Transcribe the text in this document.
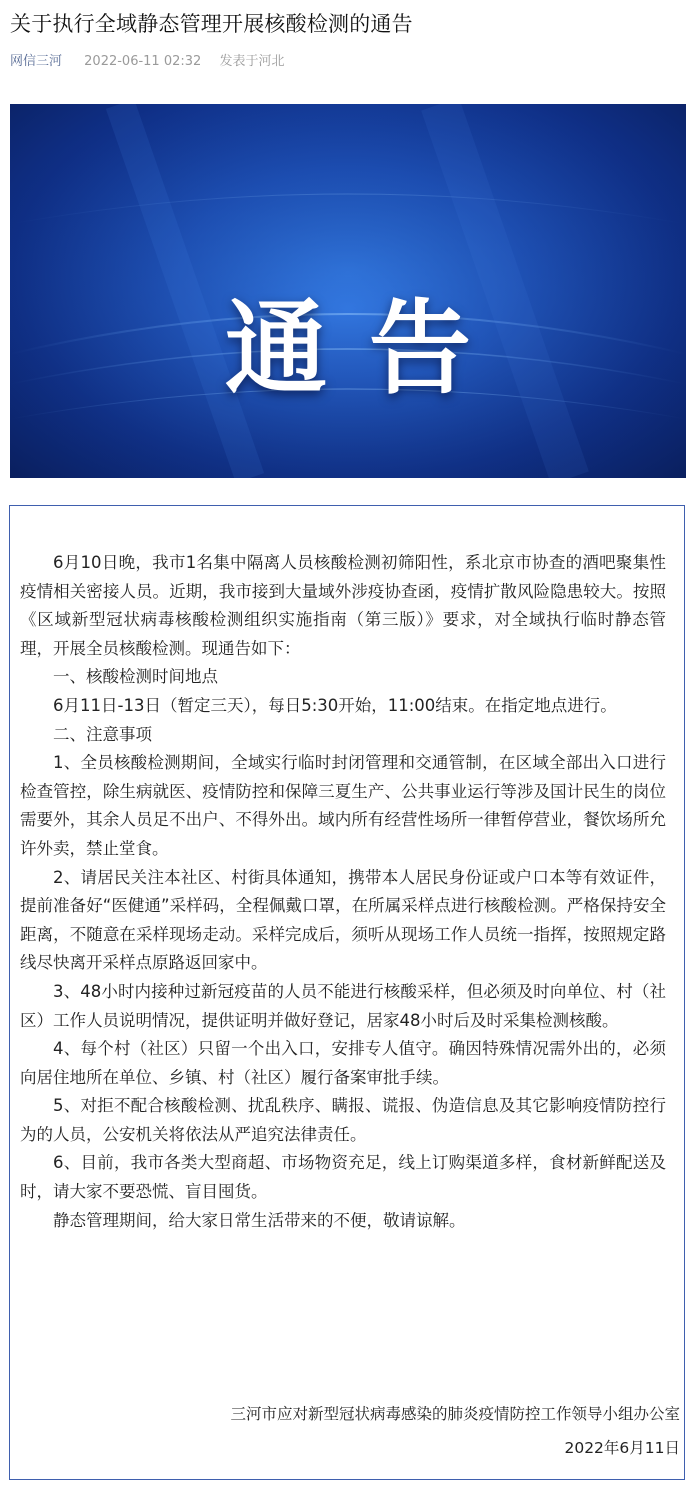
关于执行全域静态管理开展核酸检测的通告
网信三河 2022-06-11 02:32 发表于河北
通告

6月10日晚，我市1名集中隔离人员核酸检测初筛阳性，系北京市协查的酒吧聚集性疫情相关密接人员。近期，我市接到大量域外涉疫协查函，疫情扩散风险隐患较大。按照《区域新型冠状病毒核酸检测组织实施指南（第三版）》要求，对全域执行临时静态管理，开展全员核酸检测。现通告如下：

一、核酸检测时间地点

6月11日-13日（暂定三天），每日5:30开始，11:00结束。在指定地点进行。

二、注意事项

1、全员核酸检测期间，全域实行临时封闭管理和交通管制，在区域全部出入口进行检查管控，除生病就医、疫情防控和保障三夏生产、公共事业运行等涉及国计民生的岗位需要外，其余人员足不出户、不得外出。域内所有经营性场所一律暂停营业，餐饮场所允许外卖，禁止堂食。

2、请居民关注本社区、村街具体通知，携带本人居民身份证或户口本等有效证件，提前准备好“医健通”采样码，全程佩戴口罩，在所属采样点进行核酸检测。严格保持安全距离，不随意在采样现场走动。采样完成后，须听从现场工作人员统一指挥，按照规定路线尽快离开采样点原路返回家中。

3、48小时内接种过新冠疫苗的人员不能进行核酸采样，但必须及时向单位、村（社区）工作人员说明情况，提供证明并做好登记，居家48小时后及时采集检测核酸。

4、每个村（社区）只留一个出入口，安排专人值守。确因特殊情况需外出的，必须向居住地所在单位、乡镇、村（社区）履行备案审批手续。

5、对拒不配合核酸检测、扰乱秩序、瞒报、谎报、伪造信息及其它影响疫情防控行为的人员，公安机关将依法从严追究法律责任。

6、目前，我市各类大型商超、市场物资充足，线上订购渠道多样，食材新鲜配送及时，请大家不要恐慌、盲目囤货。

静态管理期间，给大家日常生活带来的不便，敬请谅解。

三河市应对新型冠状病毒感染的肺炎疫情防控工作领导小组办公室
2022年6月11日
